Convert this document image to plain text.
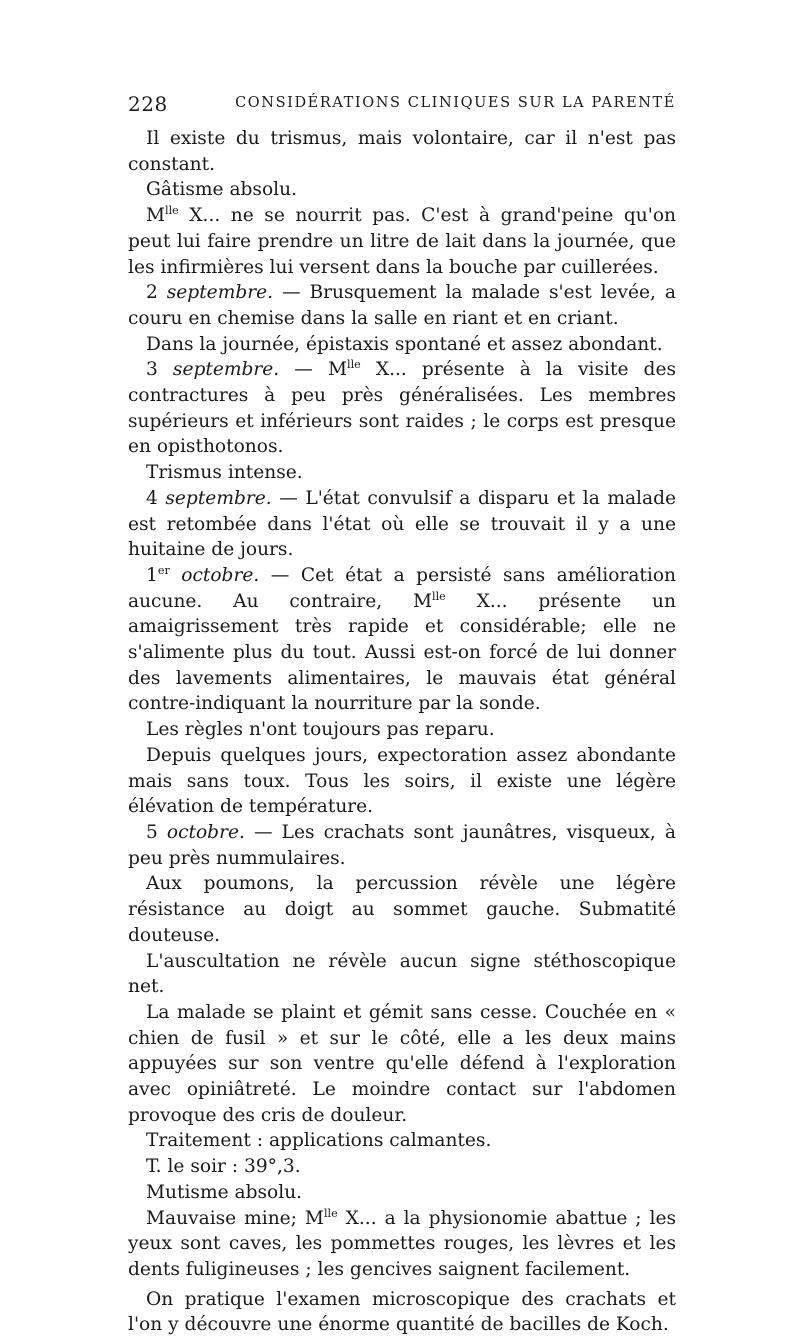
228	CONSIDÉRATIONS CLINIQUES SUR LA PARENTÉ

Il existe du trismus, mais volontaire, car il n'est pas constant.

Gâtisme absolu.

$M^{lle}$ X... ne se nourrit pas. C'est à grand'peine qu'on peut lui faire prendre un litre de lait dans la journée, que les infirmières lui versent dans la bouche par cuillerées.

2 septembre. — Brusquement la malade s'est levée, a couru en chemise dans la salle en riant et en criant.

Dans la journée, épistaxis spontané et assez abondant.

3 septembre. — $M^{lle}$ X... présente à la visite des contractures à peu près généralisées. Les membres supérieurs et inférieurs sont raides ; le corps est presque en opisthotonos.

Trismus intense.

4 septembre. — L'état convulsif a disparu et la malade est retombée dans l'état où elle se trouvait il y a une huitaine de jours.

1er octobre. — Cet état a persisté sans amélioration aucune. Au contraire, $M^{lle}$ X... présente un amaigrissement très rapide et considérable; elle ne s'alimente plus du tout. Aussi est-on forcé de lui donner des lavements alimentaires, le mauvais état général contre-indiquant la nourriture par la sonde.

Les règles n'ont toujours pas reparu.

Depuis quelques jours, expectoration assez abondante mais sans toux. Tous les soirs, il existe une légère élévation de température.

5 octobre. — Les crachats sont jaunâtres, visqueux, à peu près nummulaires.

Aux poumons, la percussion révèle une légère résistance au doigt au sommet gauche. Submatité douteuse.

L'auscultation ne révèle aucun signe stéthoscopique net.

La malade se plaint et gémit sans cesse. Couchée en « chien de fusil » et sur le côté, elle a les deux mains appuyées sur son ventre qu'elle défend à l'exploration avec opiniâtreté. Le moindre contact sur l'abdomen provoque des cris de douleur.

Traitement : applications calmantes.

T. le soir : 39°,3.

Mutisme absolu.

Mauvaise mine; $M^{lle}$ X... a la physionomie abattue ; les yeux sont caves, les pommettes rouges, les lèvres et les dents fuligineuses ; les gencives saignent facilement.

On pratique l'examen microscopique des crachats et l'on y découvre une énorme quantité de bacilles de Koch.
